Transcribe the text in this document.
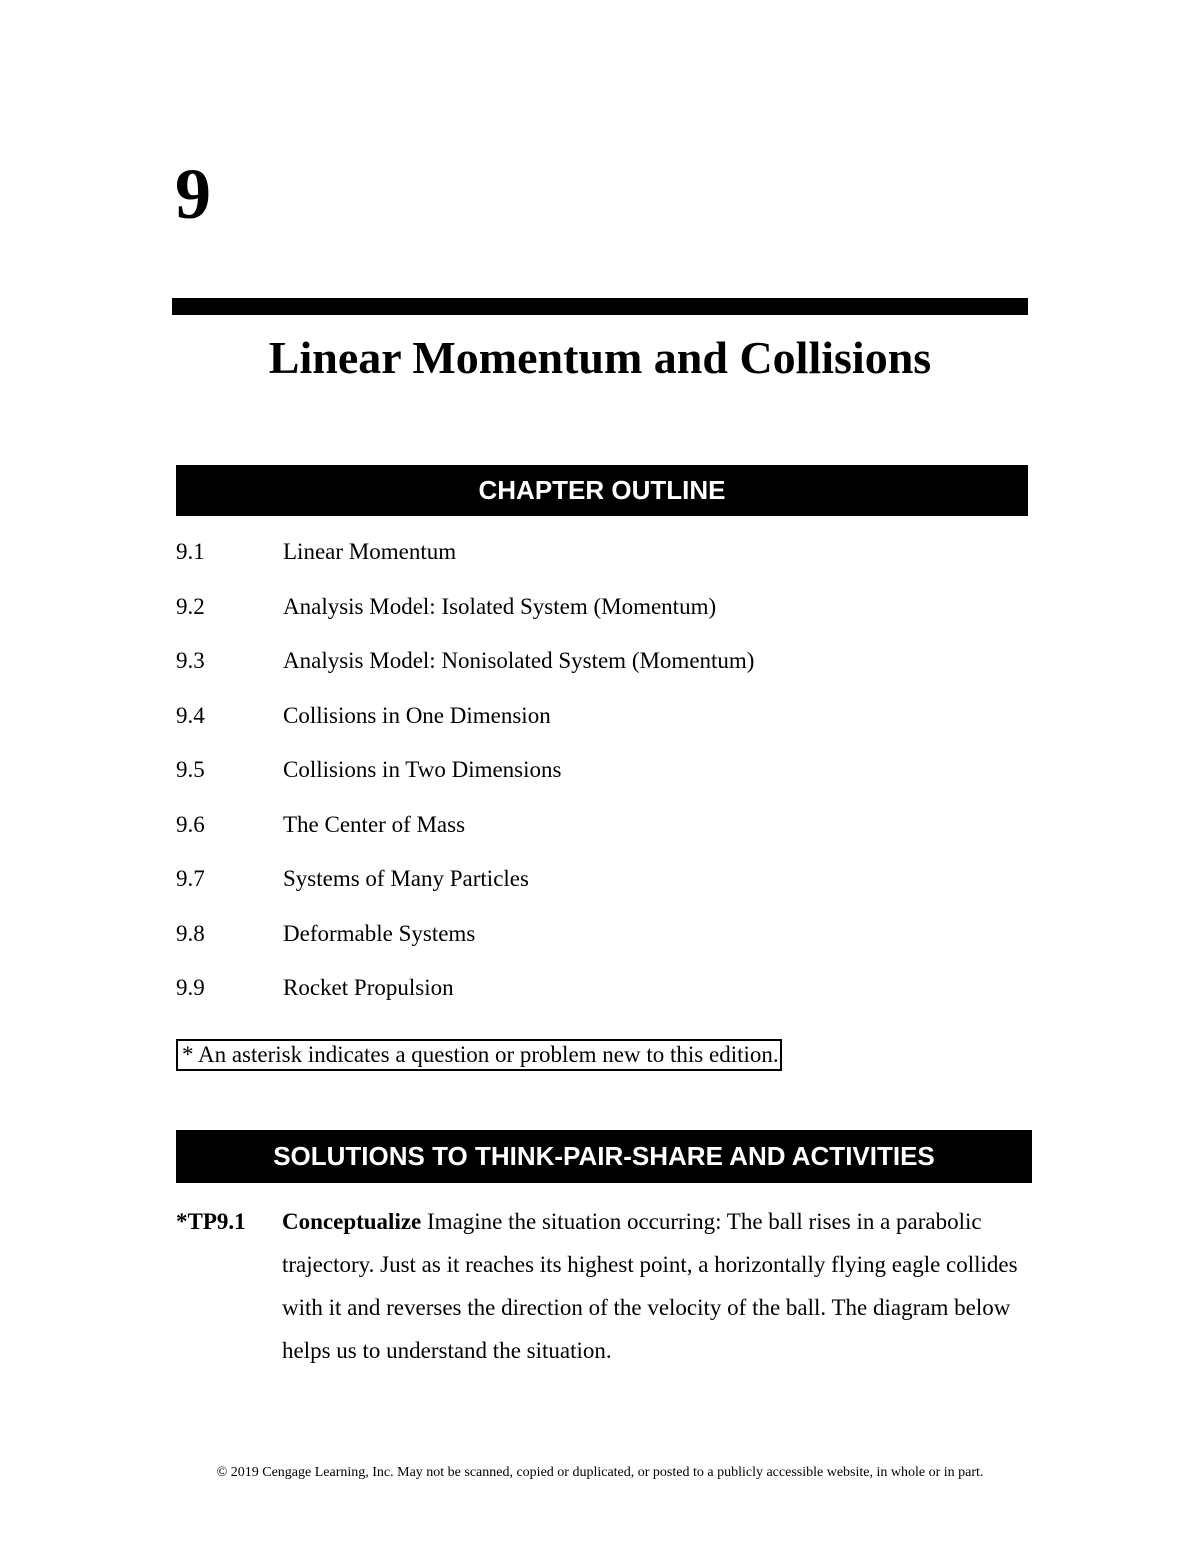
9
Linear Momentum and Collisions
CHAPTER OUTLINE
9.1	Linear Momentum
9.2	Analysis Model: Isolated System (Momentum)
9.3	Analysis Model: Nonisolated System (Momentum)
9.4	Collisions in One Dimension
9.5	Collisions in Two Dimensions
9.6	The Center of Mass
9.7	Systems of Many Particles
9.8	Deformable Systems
9.9	Rocket Propulsion
* An asterisk indicates a question or problem new to this edition.
SOLUTIONS TO THINK-PAIR-SHARE AND ACTIVITIES
*TP9.1 Conceptualize Imagine the situation occurring: The ball rises in a parabolic trajectory. Just as it reaches its highest point, a horizontally flying eagle collides with it and reverses the direction of the velocity of the ball. The diagram below helps us to understand the situation.
© 2019 Cengage Learning, Inc. May not be scanned, copied or duplicated, or posted to a publicly accessible website, in whole or in part.
